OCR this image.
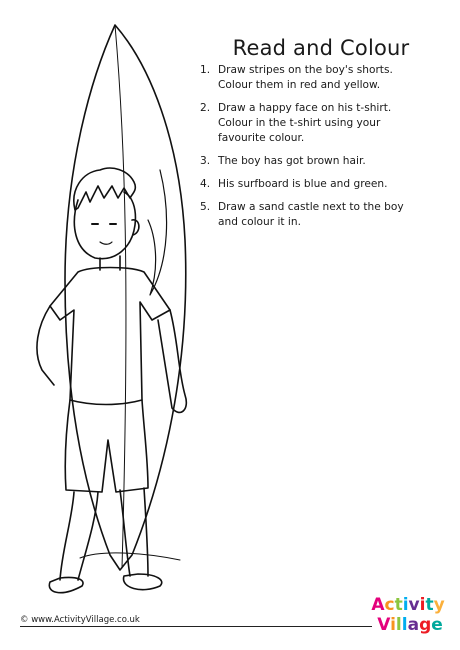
Read and Colour
1. Draw stripes on the boy's shorts. Colour them in red and yellow.
2. Draw a happy face on his t-shirt. Colour in the t-shirt using your favourite colour.
3. The boy has got brown hair.
4. His surfboard is blue and green.
5. Draw a sand castle next to the boy and colour it in.
© www.ActivityVillage.co.uk
Activity
Village
